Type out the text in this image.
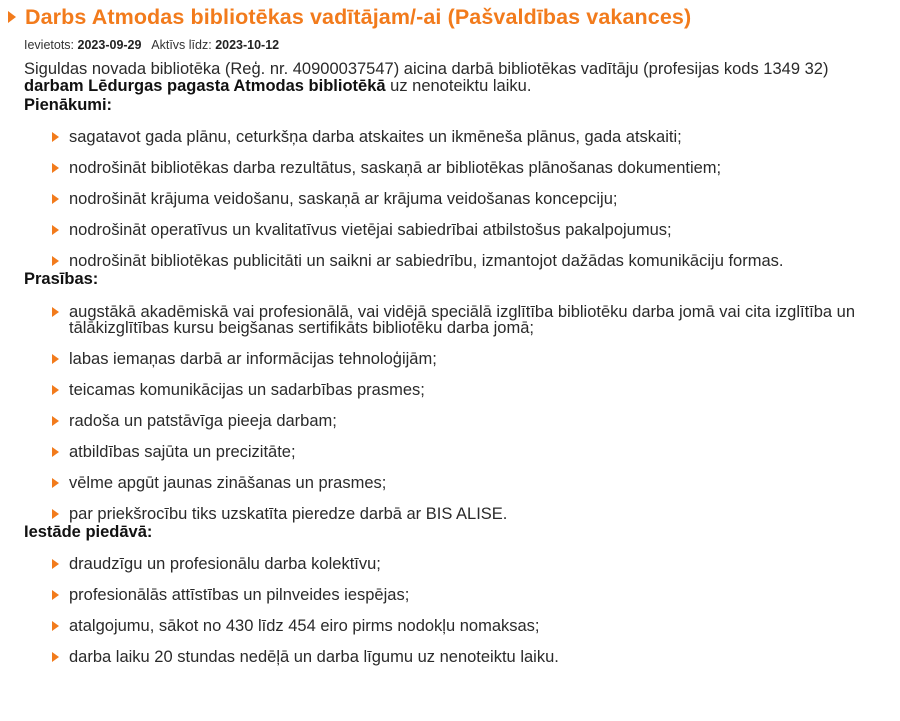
Darbs Atmodas bibliotēkas vadītājam/-ai (Pašvaldības vakances)
Ievietots: 2023-09-29 Aktīvs līdz: 2023-10-12
Siguldas novada bibliotēka (Reģ. nr. 40900037547) aicina darbā bibliotēkas vadītāju (profesijas kods 1349 32) darbam Lēdurgas pagasta Atmodas bibliotēkā uz nenoteiktu laiku.
Pienākumi:
sagatavot gada plānu, ceturkšņa darba atskaites un ikmēneša plānus, gada atskaiti;
nodrošināt bibliotēkas darba rezultātus, saskaņā ar bibliotēkas plānošanas dokumentiem;
nodrošināt krājuma veidošanu, saskaņā ar krājuma veidošanas koncepciju;
nodrošināt operatīvus un kvalitatīvus vietējai sabiedrībai atbilstošus pakalpojumus;
nodrošināt bibliotēkas publicitāti un saikni ar sabiedrību, izmantojot dažādas komunikāciju formas.
Prasības:
augstākā akadēmiskā vai profesionālā, vai vidējā speciālā izglītība bibliotēku darba jomā vai cita izglītība un tālākizglītības kursu beigšanas sertifikāts bibliotēku darba jomā;
labas iemaņas darbā ar informācijas tehnoloģijām;
teicamas komunikācijas un sadarbības prasmes;
radoša un patstāvīga pieeja darbam;
atbildības sajūta un precizitāte;
vēlme apgūt jaunas zināšanas un prasmes;
par priekšrocību tiks uzskatīta pieredze darbā ar BIS ALISE.
Iestāde piedāvā:
draudzīgu un profesionālu darba kolektīvu;
profesionālās attīstības un pilnveides iespējas;
atalgojumu, sākot no 430 līdz 454 eiro pirms nodokļu nomaksas;
darba laiku 20 stundas nedēļā un darba līgumu uz nenoteiktu laiku.
